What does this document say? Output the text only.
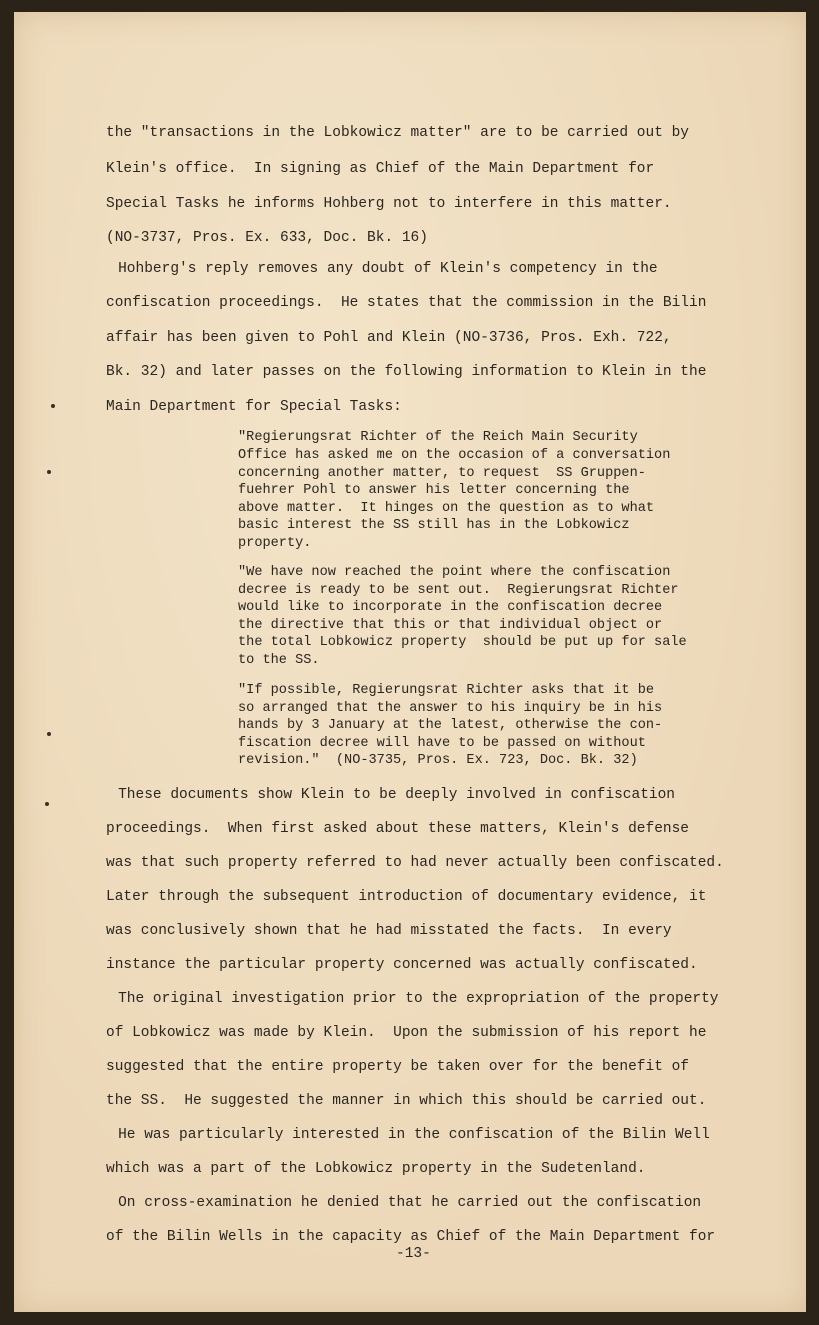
the "transactions in the Lobkowicz matter" are to be carried out by
Klein's office.  In signing as Chief of the Main Department for
Special Tasks he informs Hohberg not to interfere in this matter.
(NO-3737, Pros. Ex. 633, Doc. Bk. 16)
Hohberg's reply removes any doubt of Klein's competency in the
confiscation proceedings.  He states that the commission in the Bilin
affair has been given to Pohl and Klein (NO-3736, Pros. Exh. 722,
Bk. 32) and later passes on the following information to Klein in the
Main Department for Special Tasks:
"Regierungsrat Richter of the Reich Main Security
Office has asked me on the occasion of a conversation
concerning another matter, to request  SS Gruppen-
fuehrer Pohl to answer his letter concerning the
above matter.  It hinges on the question as to what
basic interest the SS still has in the Lobkowicz
property.
"We have now reached the point where the confiscation
decree is ready to be sent out.  Regierungsrat Richter
would like to incorporate in the confiscation decree
the directive that this or that individual object or
the total Lobkowicz property  should be put up for sale
to the SS.
"If possible, Regierungsrat Richter asks that it be
so arranged that the answer to his inquiry be in his
hands by 3 January at the latest, otherwise the con-
fiscation decree will have to be passed on without
revision."  (NO-3735, Pros. Ex. 723, Doc. Bk. 32)
These documents show Klein to be deeply involved in confiscation
proceedings.  When first asked about these matters, Klein's defense
was that such property referred to had never actually been confiscated.
Later through the subsequent introduction of documentary evidence, it
was conclusively shown that he had misstated the facts.  In every
instance the particular property concerned was actually confiscated.
The original investigation prior to the expropriation of the property
of Lobkowicz was made by Klein.  Upon the submission of his report he
suggested that the entire property be taken over for the benefit of
the SS.  He suggested the manner in which this should be carried out.
He was particularly interested in the confiscation of the Bilin Well
which was a part of the Lobkowicz property in the Sudetenland.
On cross-examination he denied that he carried out the confiscation
of the Bilin Wells in the capacity as Chief of the Main Department for
-13-
